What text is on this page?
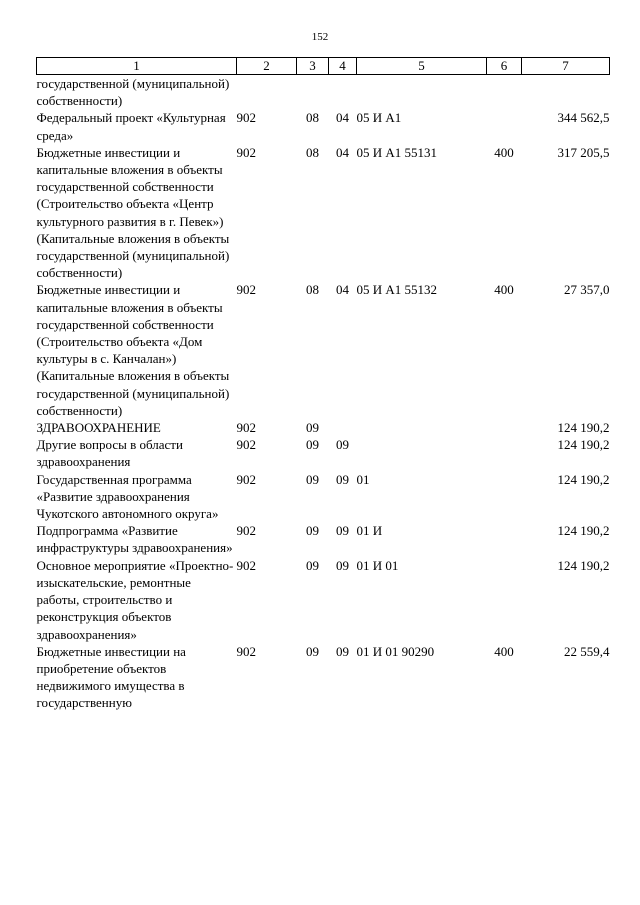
152
1	2	3	4	5	6	7
государственной (муниципальной) собственности)						
Федеральный проект «Культурная среда»	902	08	04	05 И А1		344 562,5
Бюджетные инвестиции и капитальные вложения в объекты государственной собственности (Строительство объекта «Центр культурного развития в г. Певек») (Капитальные вложения в объекты государственной (муниципальной) собственности)	902	08	04	05 И А1 55131	400	317 205,5
Бюджетные инвестиции и капитальные вложения в объекты государственной собственности (Строительство объекта «Дом культуры в с. Канчалан») (Капитальные вложения в объекты государственной (муниципальной) собственности)	902	08	04	05 И А1 55132	400	27 357,0
ЗДРАВООХРАНЕНИЕ	902	09				124 190,2
Другие вопросы в области здравоохранения	902	09	09			124 190,2
Государственная программа «Развитие здравоохранения Чукотского автономного округа»	902	09	09	01		124 190,2
Подпрограмма «Развитие инфраструктуры здравоохранения»	902	09	09	01 И		124 190,2
Основное мероприятие «Проектно-изыскательские, ремонтные работы, строительство и реконструкция объектов здравоохранения»	902	09	09	01 И 01		124 190,2
Бюджетные инвестиции на приобретение объектов недвижимого имущества в государственную	902	09	09	01 И 01 90290	400	22 559,4
